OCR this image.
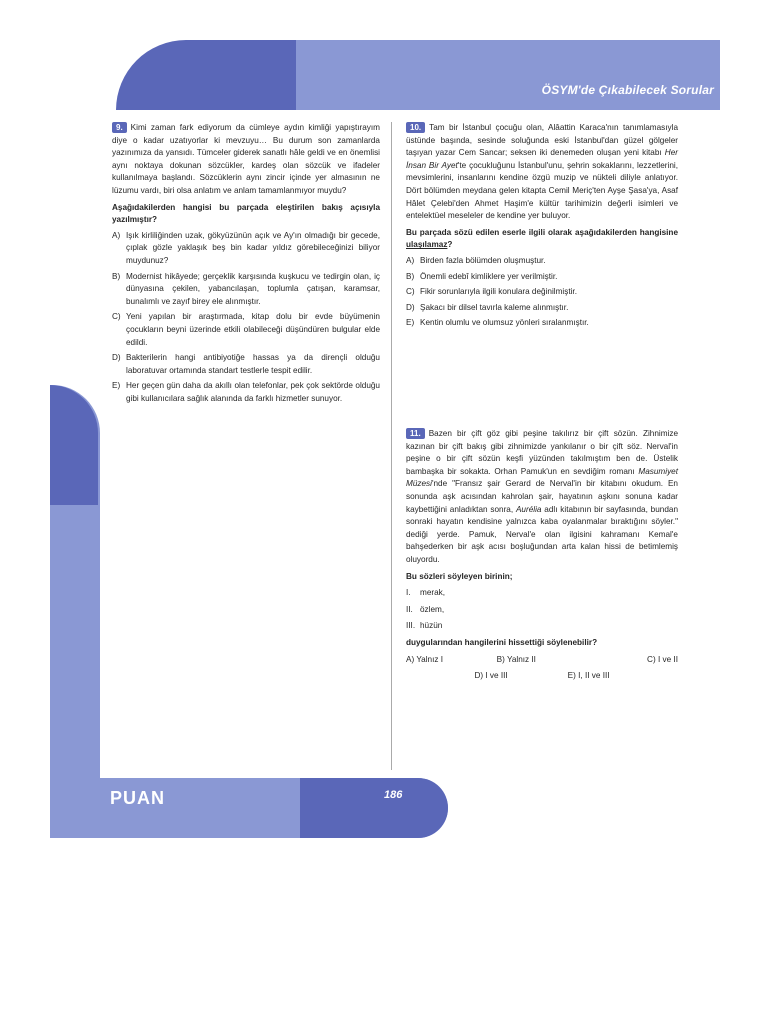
ÖSYM'de Çıkabilecek Sorular
PUAN	186

9. Kimi zaman fark ediyorum da cümleye aydın kimliği yapıştırayım diye o kadar uzatıyorlar ki mevzuyu… Bu durum son zamanlarda yazınımıza da yansıdı. Tümceler giderek sanatlı hâle geldi ve en önemlisi aynı noktaya dokunan sözcükler, kardeş olan sözcük ve ifadeler kullanılmaya başlandı. Sözcüklerin aynı zincir içinde yer almasının ne lüzumu vardı, biri olsa anlatım ve anlam tamamlanmıyor muydu?

Aşağıdakilerden hangisi bu parçada eleştirilen bakış açısıyla yazılmıştır?

A) Işık kirliliğinden uzak, gökyüzünün açık ve Ay'ın olmadığı bir gecede, çıplak gözle yaklaşık beş bin kadar yıldız görebileceğinizi biliyor muydunuz?
B) Modernist hikâyede; gerçeklik karşısında kuşkucu ve tedirgin olan, iç dünyasına çekilen, yabancılaşan, toplumla çatışan, karamsar, bunalımlı ve zayıf birey ele alınmıştır.
C) Yeni yapılan bir araştırmada, kitap dolu bir evde büyümenin çocukların beyni üzerinde etkili olabileceği düşündüren bulgular elde edildi.
D) Bakterilerin hangi antibiyotiğe hassas ya da dirençli olduğu laboratuvar ortamında standart testlerle tespit edilir.
E) Her geçen gün daha da akıllı olan telefonlar, pek çok sektörde olduğu gibi kullanıcılara sağlık alanında da farklı hizmetler sunuyor.

10. Tam bir İstanbul çocuğu olan, Alâattin Karaca'nın tanımlamasıyla üstünde başında, sesinde soluğunda eski İstanbul'dan güzel gölgeler taşıyan yazar Cem Sancar; seksen iki denemeden oluşan yeni kitabı Her İnsan Bir Ayet'te çocukluğunu İstanbul'unu, şehrin sokaklarını, lezzetlerini, mevsimlerini, insanlarını kendine özgü muzip ve nükteli diliyle anlatıyor. Dört bölümden meydana gelen kitapta Cemil Meriç'ten Ayşe Şasa'ya, Asaf Hâlet Çelebi'den Ahmet Haşim'e kültür tarihimizin değerli isimleri ve entelektüel meseleler de kendine yer buluyor.

Bu parçada sözü edilen eserle ilgili olarak aşağıdakilerden hangisine ulaşılamaz?

A) Birden fazla bölümden oluşmuştur.
B) Önemli edebî kimliklere yer verilmiştir.
C) Fikir sorunlarıyla ilgili konulara değinilmiştir.
D) Şakacı bir dilsel tavırla kaleme alınmıştır.
E) Kentin olumlu ve olumsuz yönleri sıralanmıştır.

11. Bazen bir çift göz gibi peşine takılırız bir çift sözün. Zihnimize kazınan bir çift bakış gibi zihnimizde yankılanır o bir çift söz. Nerval'in peşine o bir çift sözün keşfi yüzünden takılmıştım ben de. Üstelik bambaşka bir sokakta. Orhan Pamuk'un en sevdiğim romanı Masumiyet Müzesi'nde "Fransız şair Gerard de Nerval'in bir kitabını okudum. En sonunda aşk acısından kahrolan şair, hayatının aşkını sonuna kadar kaybettiğini anladıktan sonra, Aurélia adlı kitabının bir sayfasında, bundan sonraki hayatın kendisine yalnızca kaba oyalanmalar bıraktığını söyler." dediği yerde. Pamuk, Nerval'e olan ilgisini kahramanı Kemal'e bahşederken bir aşk acısı boşluğundan arta kalan hissi de betimlemiş oluyordu.

Bu sözleri söyleyen birinin;

I.	merak,
II. özlem,
III. hüzün

duygularından hangilerini hissettiği söylenebilir?

A) Yalnız I	B) Yalnız II	C) I ve II
D) I ve III	E) I, II ve III
